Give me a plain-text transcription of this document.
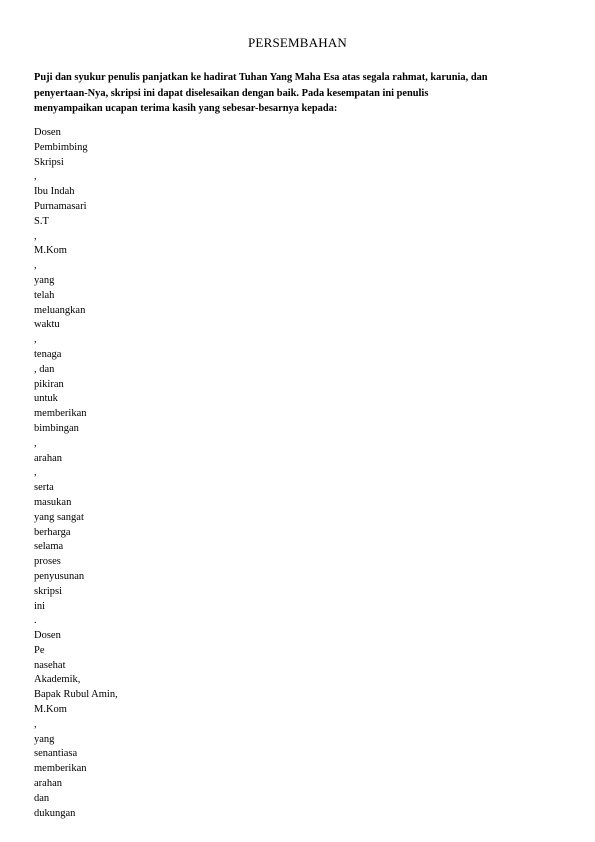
PERSEMBAHAN
Puji dan syukur penulis panjatkan ke hadirat Tuhan Yang Maha Esa atas segala rahmat, karunia, dan
penyertaan-Nya, skripsi ini dapat diselesaikan dengan baik. Pada kesempatan ini penulis
menyampaikan ucapan terima kasih yang sebesar-besarnya kepada:
Dosen
Pembimbing
Skripsi
,
Ibu Indah
Purnamasari
S.T
,
M.Kom
,
yang
telah
meluangkan
waktu
,
tenaga
, dan
pikiran
untuk
memberikan
bimbingan
,
arahan
,
serta
masukan
yang sangat
berharga
selama
proses
penyusunan
skripsi
ini
.
Dosen
Pe
nasehat
Akademik,
Bapak Rubul Amin,
M.Kom
,
yang
senantiasa
memberikan
arahan
dan
dukungan
